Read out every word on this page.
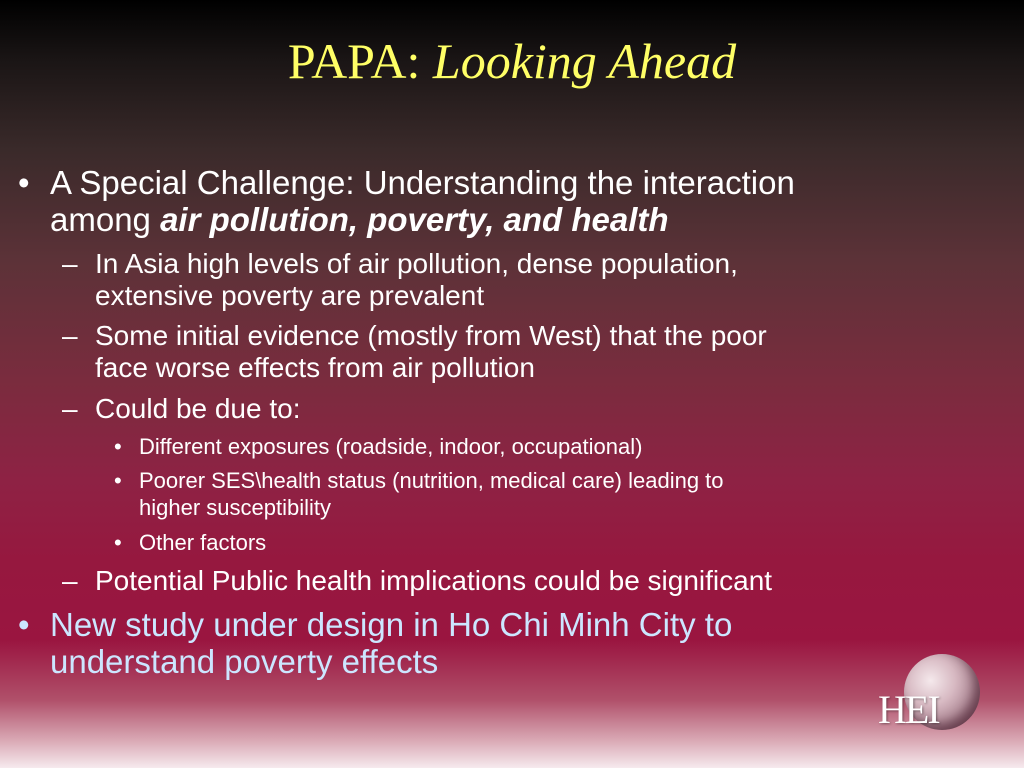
PAPA: Looking Ahead
• A Special Challenge: Understanding the interaction
among air pollution, poverty, and health
– In Asia high levels of air pollution, dense population,
extensive poverty are prevalent
– Some initial evidence (mostly from West) that the poor
face worse effects from air pollution
– Could be due to:
• Different exposures (roadside, indoor, occupational)
• Poorer SES\health status (nutrition, medical care) leading to
higher susceptibility
• Other factors
– Potential Public health implications could be significant
• New study under design in Ho Chi Minh City to
understand poverty effects
HEI
